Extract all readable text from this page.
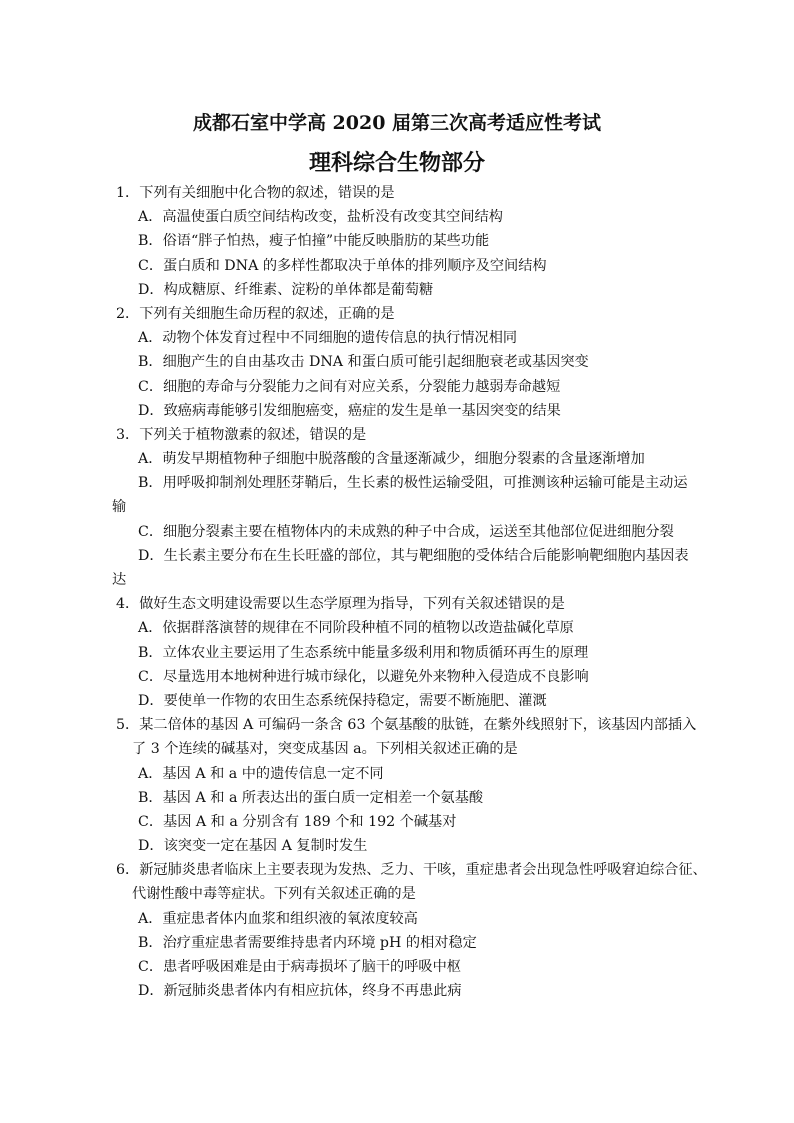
成都石室中学高 2020 届第三次高考适应性考试
理科综合生物部分
1．下列有关细胞中化合物的叙述，错误的是
A．高温使蛋白质空间结构改变，盐析没有改变其空间结构
B．俗语“胖子怕热，瘦子怕撞”中能反映脂肪的某些功能
C．蛋白质和 DNA 的多样性都取决于单体的排列顺序及空间结构
D．构成糖原、纤维素、淀粉的单体都是葡萄糖
2．下列有关细胞生命历程的叙述，正确的是
A．动物个体发育过程中不同细胞的遗传信息的执行情况相同
B．细胞产生的自由基攻击 DNA 和蛋白质可能引起细胞衰老或基因突变
C．细胞的寿命与分裂能力之间有对应关系，分裂能力越弱寿命越短
D．致癌病毒能够引发细胞癌变，癌症的发生是单一基因突变的结果
3．下列关于植物激素的叙述，错误的是
A．萌发早期植物种子细胞中脱落酸的含量逐渐减少，细胞分裂素的含量逐渐增加
B．用呼吸抑制剂处理胚芽鞘后，生长素的极性运输受阻，可推测该种运输可能是主动运
输
C．细胞分裂素主要在植物体内的未成熟的种子中合成，运送至其他部位促进细胞分裂
D．生长素主要分布在生长旺盛的部位，其与靶细胞的受体结合后能影响靶细胞内基因表
达
4．做好生态文明建设需要以生态学原理为指导，下列有关叙述错误的是
A．依据群落演替的规律在不同阶段种植不同的植物以改造盐碱化草原
B．立体农业主要运用了生态系统中能量多级利用和物质循环再生的原理
C．尽量选用本地树种进行城市绿化，以避免外来物种入侵造成不良影响
D．要使单一作物的农田生态系统保持稳定，需要不断施肥、灌溉
5．某二倍体的基因 A 可编码一条含 63 个氨基酸的肽链，在紫外线照射下，该基因内部插入
了 3 个连续的碱基对，突变成基因 a。下列相关叙述正确的是
A．基因 A 和 a 中的遗传信息一定不同
B．基因 A 和 a 所表达出的蛋白质一定相差一个氨基酸
C．基因 A 和 a 分别含有 189 个和 192 个碱基对
D．该突变一定在基因 A 复制时发生
6．新冠肺炎患者临床上主要表现为发热、乏力、干咳，重症患者会出现急性呼吸窘迫综合征、
代谢性酸中毒等症状。下列有关叙述正确的是
A．重症患者体内血浆和组织液的氧浓度较高
B．治疗重症患者需要维持患者内环境 pH 的相对稳定
C．患者呼吸困难是由于病毒损坏了脑干的呼吸中枢
D．新冠肺炎患者体内有相应抗体，终身不再患此病
